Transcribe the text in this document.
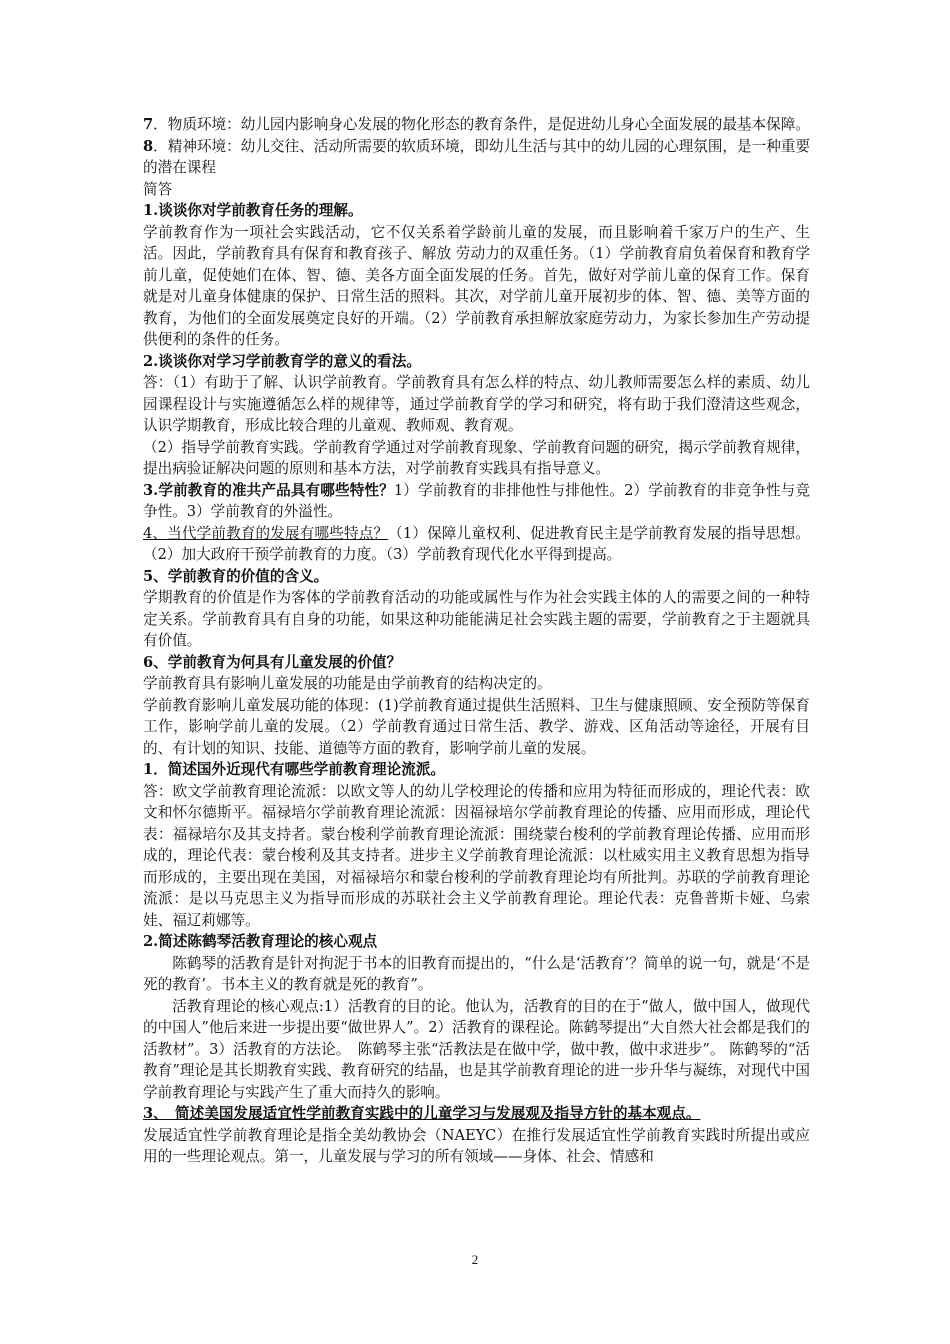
7．物质环境：幼儿园内影响身心发展的物化形态的教育条件，是促进幼儿身心全面发展的最基本保障。

8．精神环境：幼儿交往、活动所需要的软质环境，即幼儿生活与其中的幼儿园的心理氛围，是一种重要的潜在课程

简答

1.谈谈你对学前教育任务的理解。

学前教育作为一项社会实践活动，它不仅关系着学龄前儿童的发展，而且影响着千家万户的生产、生活。因此，学前教育具有保育和教育孩子、解放 劳动力的双重任务。（1）学前教育肩负着保育和教育学前儿童，促使她们在体、智、德、美各方面全面发展的任务。首先，做好对学前儿童的保育工作。保育就是对儿童身体健康的保护、日常生活的照料。其次，对学前儿童开展初步的体、智、德、美等方面的教育，为他们的全面发展奠定良好的开端。（2）学前教育承担解放家庭劳动力，为家长参加生产劳动提供便利的条件的任务。

2.谈谈你对学习学前教育学的意义的看法。

答：（1）有助于了解、认识学前教育。学前教育具有怎么样的特点、幼儿教师需要怎么样的素质、幼儿园课程设计与实施遵循怎么样的规律等，通过学前教育学的学习和研究，将有助于我们澄清这些观念，认识学期教育，形成比较合理的儿童观、教师观、教育观。

（2）指导学前教育实践。学前教育学通过对学前教育现象、学前教育问题的研究，揭示学前教育规律，提出病验证解决问题的原则和基本方法，对学前教育实践具有指导意义。

3.学前教育的准共产品具有哪些特性？1）学前教育的非排他性与排他性。2）学前教育的非竞争性与竞争性。3）学前教育的外溢性。

4、当代学前教育的发展有哪些特点？（1）保障儿童权利、促进教育民主是学前教育发展的指导思想。（2）加大政府干预学前教育的力度。（3）学前教育现代化水平得到提高。

5、学前教育的价值的含义。

学期教育的价值是作为客体的学前教育活动的功能或属性与作为社会实践主体的人的需要之间的一种特定关系。学前教育具有自身的功能，如果这种功能能满足社会实践主题的需要，学前教育之于主题就具有价值。

6、学前教育为何具有儿童发展的价值？

学前教育具有影响儿童发展的功能是由学前教育的结构决定的。

学前教育影响儿童发展功能的体现：(1)学前教育通过提供生活照料、卫生与健康照顾、安全预防等保育工作，影响学前儿童的发展。（2）学前教育通过日常生活、教学、游戏、区角活动等途径，开展有目的、有计划的知识、技能、道德等方面的教育，影响学前儿童的发展。

1．简述国外近现代有哪些学前教育理论流派。

答：欧文学前教育理论流派：以欧文等人的幼儿学校理论的传播和应用为特征而形成的，理论代表：欧文和怀尔德斯平。福禄培尔学前教育理论流派：因福禄培尔学前教育理论的传播、应用而形成，理论代表：福禄培尔及其支持者。蒙台梭利学前教育理论流派：围绕蒙台梭利的学前教育理论传播、应用而形成的，理论代表：蒙台梭利及其支持者。进步主义学前教育理论流派：以杜威实用主义教育思想为指导而形成的，主要出现在美国，对福禄培尔和蒙台梭利的学前教育理论均有所批判。苏联的学前教育理论流派：是以马克思主义为指导而形成的苏联社会主义学前教育理论。理论代表：克鲁普斯卡娅、乌索娃、福辽莉娜等。

2.简述陈鹤琴活教育理论的核心观点

陈鹤琴的活教育是针对拘泥于书本的旧教育而提出的，“什么是‘活教育’？简单的说一句，就是‘不是死的教育’。书本主义的教育就是死的教育”。

活教育理论的核心观点:1）活教育的目的论。他认为，活教育的目的在于“做人，做中国人，做现代的中国人”他后来进一步提出要“做世界人”。2）活教育的课程论。陈鹤琴提出“大自然大社会都是我们的活教材”。3）活教育的方法论。　陈鹤琴主张“活教法是在做中学，做中教，做中求进步”。 陈鹤琴的“活教育”理论是其长期教育实践、教育研究的结晶，也是其学前教育理论的进一步升华与凝练，对现代中国学前教育理论与实践产生了重大而持久的影响。

3、　简述美国发展适宜性学前教育实践中的儿童学习与发展观及指导方针的基本观点。

发展适宜性学前教育理论是指全美幼教协会（NAEYC）在推行发展适宜性学前教育实践时所提出或应用的一些理论观点。第一，儿童发展与学习的所有领域——身体、社会、情感和

2
